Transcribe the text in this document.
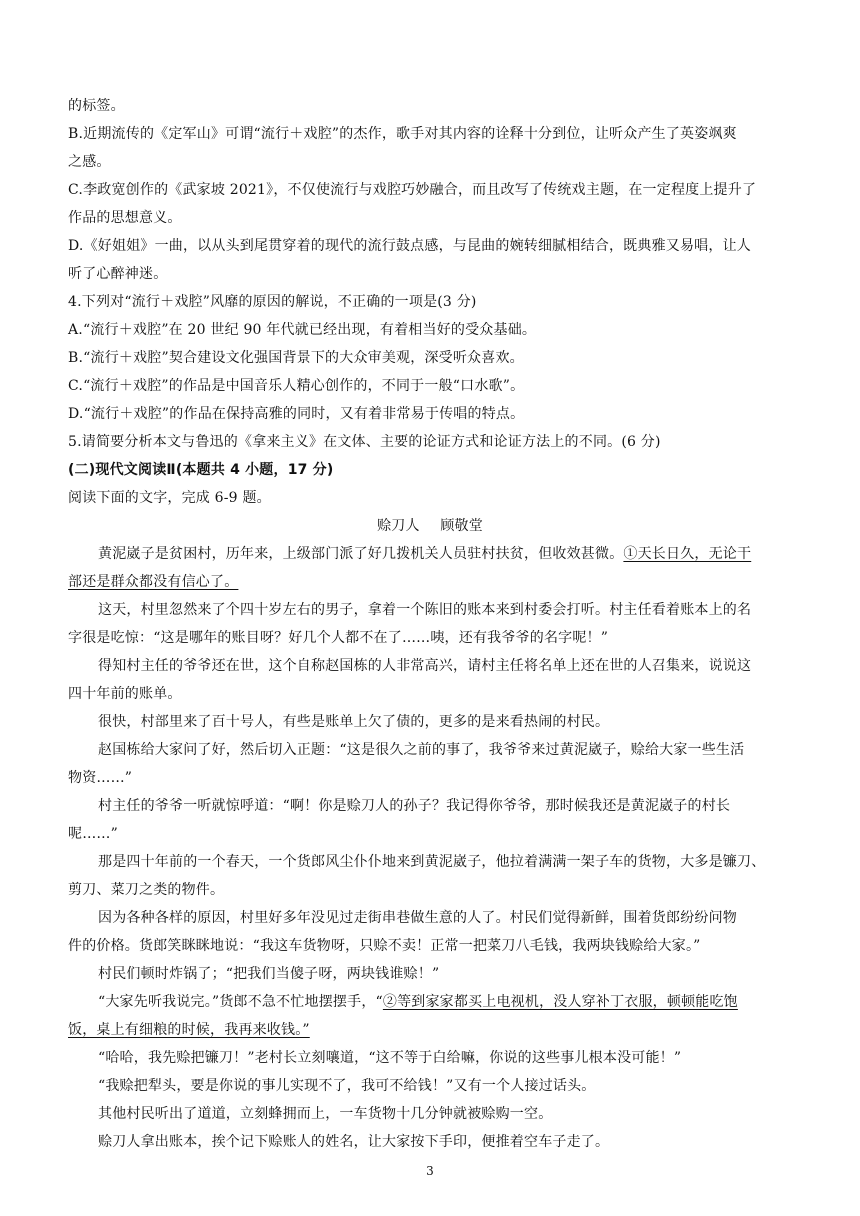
的标签。
B.近期流传的《定军山》可谓“流行＋戏腔”的杰作，歌手对其内容的诠释十分到位，让听众产生了英姿飒爽
之感。
C.李政宽创作的《武家坡 2021》，不仅使流行与戏腔巧妙融合，而且改写了传统戏主题，在一定程度上提升了
作品的思想意义。
D.《好姐姐》一曲，以从头到尾贯穿着的现代的流行鼓点感，与昆曲的婉转细腻相结合，既典雅又易唱，让人
听了心醉神迷。
4.下列对“流行＋戏腔”风靡的原因的解说，不正确的一项是(3 分)
A.“流行＋戏腔”在 20 世纪 90 年代就已经出现，有着相当好的受众基础。
B.“流行＋戏腔”契合建设文化强国背景下的大众审美观，深受听众喜欢。
C.“流行＋戏腔”的作品是中国音乐人精心创作的，不同于一般“口水歌”。
D.“流行＋戏腔”的作品在保持高雅的同时，又有着非常易于传唱的特点。
5.请简要分析本文与鲁迅的《拿来主义》在文体、主要的论证方式和论证方法上的不同。(6 分)
(二)现代文阅读Ⅱ(本题共 4 小题，17 分)
阅读下面的文字，完成 6-9 题。
赊刀人 顾敬堂
黄泥崴子是贫困村，历年来，上级部门派了好几拨机关人员驻村扶贫，但收效甚微。①天长日久，无论干
部还是群众都没有信心了。
这天，村里忽然来了个四十岁左右的男子，拿着一个陈旧的账本来到村委会打听。村主任看着账本上的名
字很是吃惊：“这是哪年的账目呀？好几个人都不在了……咦，还有我爷爷的名字呢！”
得知村主任的爷爷还在世，这个自称赵国栋的人非常高兴，请村主任将名单上还在世的人召集来，说说这
四十年前的账单。
很快，村部里来了百十号人，有些是账单上欠了债的，更多的是来看热闹的村民。
赵国栋给大家问了好，然后切入正题：“这是很久之前的事了，我爷爷来过黄泥崴子，赊给大家一些生活
物资……”
村主任的爷爷一听就惊呼道：“啊！你是赊刀人的孙子？我记得你爷爷，那时候我还是黄泥崴子的村长
呢……”
那是四十年前的一个春天，一个货郎风尘仆仆地来到黄泥崴子，他拉着满满一架子车的货物，大多是镰刀、
剪刀、菜刀之类的物件。
因为各种各样的原因，村里好多年没见过走街串巷做生意的人了。村民们觉得新鲜，围着货郎纷纷问物
件的价格。货郎笑眯眯地说：“我这车货物呀，只赊不卖！正常一把菜刀八毛钱，我两块钱赊给大家。”
村民们顿时炸锅了；“把我们当傻子呀，两块钱谁赊！”
“大家先听我说完。”货郎不急不忙地摆摆手，“②等到家家都买上电视机，没人穿补丁衣服，顿顿能吃饱
饭，桌上有细粮的时候，我再来收钱。”
“哈哈，我先赊把镰刀！”老村长立刻嚷道，“这不等于白给嘛，你说的这些事儿根本没可能！”
“我赊把犁头，要是你说的事儿实现不了，我可不给钱！”又有一个人接过话头。
其他村民听出了道道，立刻蜂拥而上，一车货物十几分钟就被赊购一空。
赊刀人拿出账本，挨个记下赊账人的姓名，让大家按下手印，便推着空车子走了。
3
